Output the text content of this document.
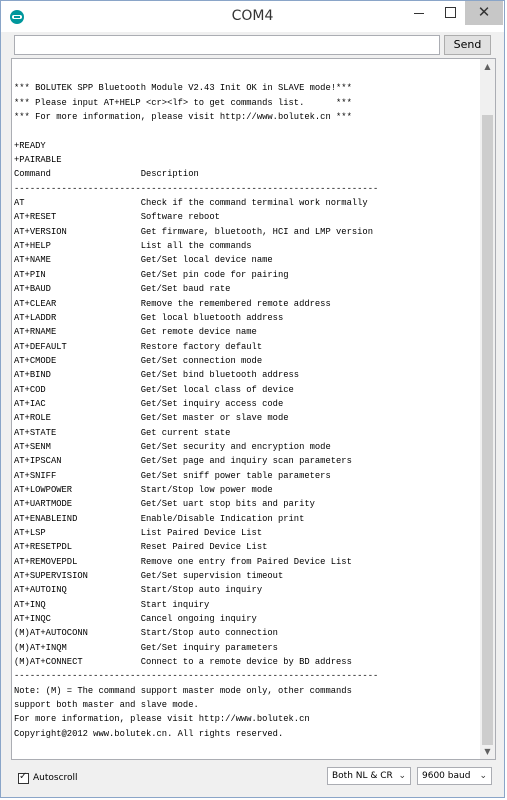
COM4	✕
Send
*** BOLUTEK SPP Bluetooth Module V2.43 Init OK in SLAVE mode!***
*** Please input AT+HELP <cr><lf> to get commands list.      ***
*** For more information, please visit http://www.bolutek.cn ***
+READY
+PAIRABLE
Command                 Description
---------------------------------------------------------------------
AT                      Check if the command terminal work normally
AT+RESET                Software reboot
AT+VERSION              Get firmware, bluetooth, HCI and LMP version
AT+HELP                 List all the commands
AT+NAME                 Get/Set local device name
AT+PIN                  Get/Set pin code for pairing
AT+BAUD                 Get/Set baud rate
AT+CLEAR                Remove the remembered remote address
AT+LADDR                Get local bluetooth address
AT+RNAME                Get remote device name
AT+DEFAULT              Restore factory default
AT+CMODE                Get/Set connection mode
AT+BIND                 Get/Set bind bluetooth address
AT+COD                  Get/Set local class of device
AT+IAC                  Get/Set inquiry access code
AT+ROLE                 Get/Set master or slave mode
AT+STATE                Get current state
AT+SENM                 Get/Set security and encryption mode
AT+IPSCAN               Get/Set page and inquiry scan parameters
AT+SNIFF                Get/Set sniff power table parameters
AT+LOWPOWER             Start/Stop low power mode
AT+UARTMODE             Get/Set uart stop bits and parity
AT+ENABLEIND            Enable/Disable Indication print
AT+LSP                  List Paired Device List
AT+RESETPDL             Reset Paired Device List
AT+REMOVEPDL            Remove one entry from Paired Device List
AT+SUPERVISION          Get/Set supervision timeout
AT+AUTOINQ              Start/Stop auto inquiry
AT+INQ                  Start inquiry
AT+INQC                 Cancel ongoing inquiry
(M)AT+AUTOCONN          Start/Stop auto connection
(M)AT+INQM              Get/Set inquiry parameters
(M)AT+CONNECT           Connect to a remote device by BD address
---------------------------------------------------------------------
Note: (M) = The command support master mode only, other commands
support both master and slave mode.
For more information, please visit http://www.bolutek.cn
Copyright@2012 www.bolutek.cn. All rights reserved.
▲
▼
✓
Autoscroll	Both NL & CR ⌄	9600 baud ⌄
